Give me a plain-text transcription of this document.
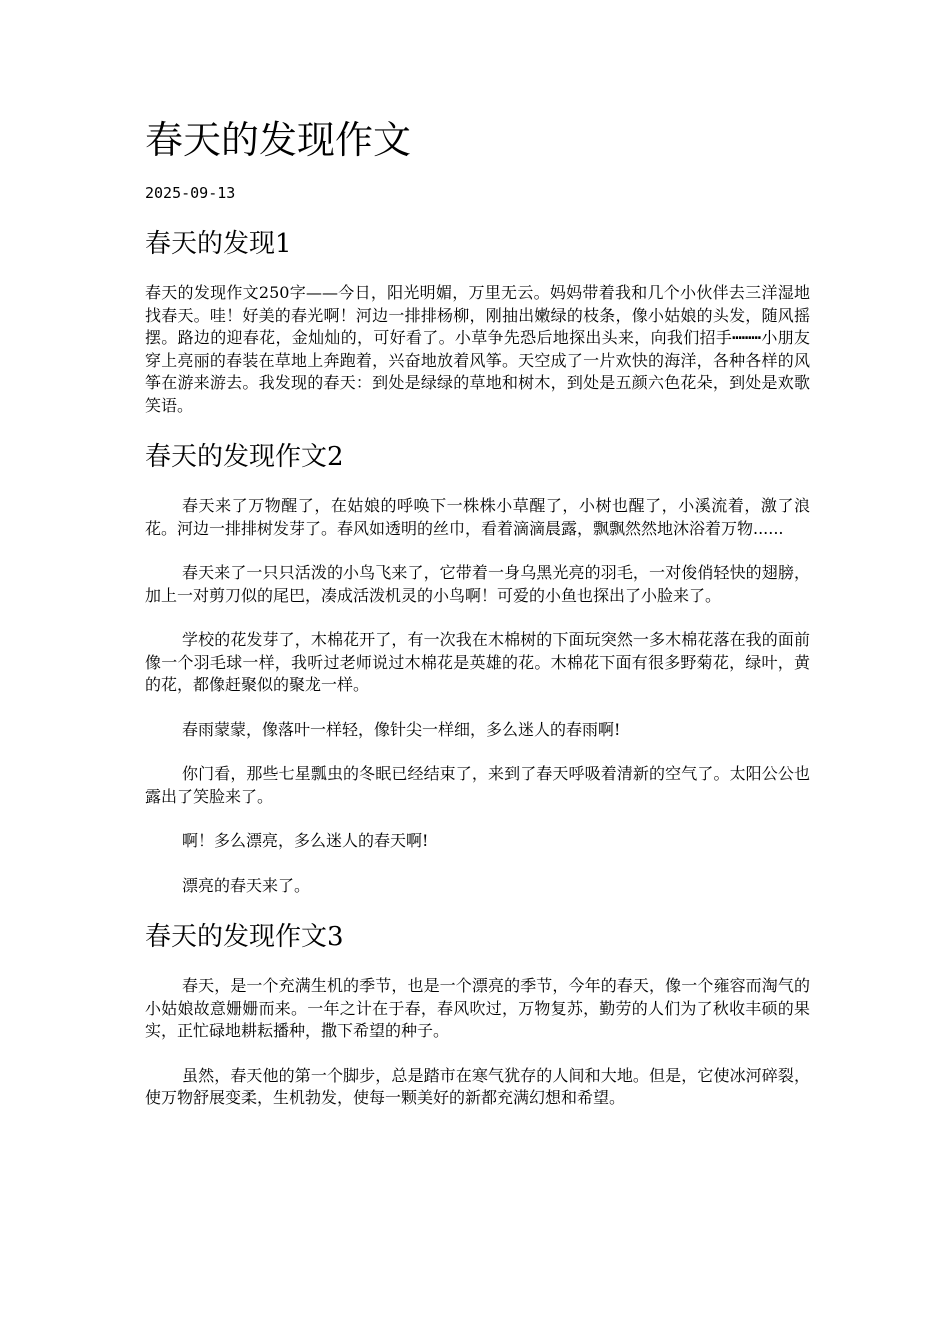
春天的发现作文
2025-09-13
春天的发现1

春天的发现作文250字——今日，阳光明媚，万里无云。妈妈带着我和几个小伙伴去三洋湿地找春天。哇！好美的春光啊！河边一排排杨柳，刚抽出嫩绿的枝条，像小姑娘的头发，随风摇摆。路边的迎春花，金灿灿的，可好看了。小草争先恐后地探出头来，向我们招手┅┅┅小朋友穿上亮丽的春装在草地上奔跑着，兴奋地放着风筝。天空成了一片欢快的海洋，各种各样的风筝在游来游去。我发现的春天：到处是绿绿的草地和树木，到处是五颜六色花朵，到处是欢歌笑语。

春天的发现作文2

春天来了万物醒了，在姑娘的呼唤下一株株小草醒了，小树也醒了，小溪流着，激了浪花。河边一排排树发芽了。春风如透明的丝巾，看着滴滴晨露，飘飘然然地沐浴着万物......

春天来了一只只活泼的小鸟飞来了，它带着一身乌黑光亮的羽毛，一对俊俏轻快的翅膀，加上一对剪刀似的尾巴，凑成活泼机灵的小鸟啊！可爱的小鱼也探出了小脸来了。

学校的花发芽了，木棉花开了，有一次我在木棉树的下面玩突然一多木棉花落在我的面前像一个羽毛球一样，我听过老师说过木棉花是英雄的花。木棉花下面有很多野菊花，绿叶，黄的花，都像赶聚似的聚龙一样。

春雨蒙蒙，像落叶一样轻，像针尖一样细，多么迷人的春雨啊!

你门看，那些七星瓢虫的冬眠已经结束了，来到了春天呼吸着清新的空气了。太阳公公也露出了笑脸来了。

啊！多么漂亮，多么迷人的春天啊!

漂亮的春天来了。

春天的发现作文3

春天，是一个充满生机的季节，也是一个漂亮的季节，今年的春天，像一个雍容而淘气的小姑娘故意姗姗而来。一年之计在于春，春风吹过，万物复苏，勤劳的人们为了秋收丰硕的果实，正忙碌地耕耘播种，撒下希望的种子。

虽然，春天他的第一个脚步，总是踏市在寒气犹存的人间和大地。但是，它使冰河碎裂，使万物舒展变柔，生机勃发，使每一颗美好的新都充满幻想和希望。
